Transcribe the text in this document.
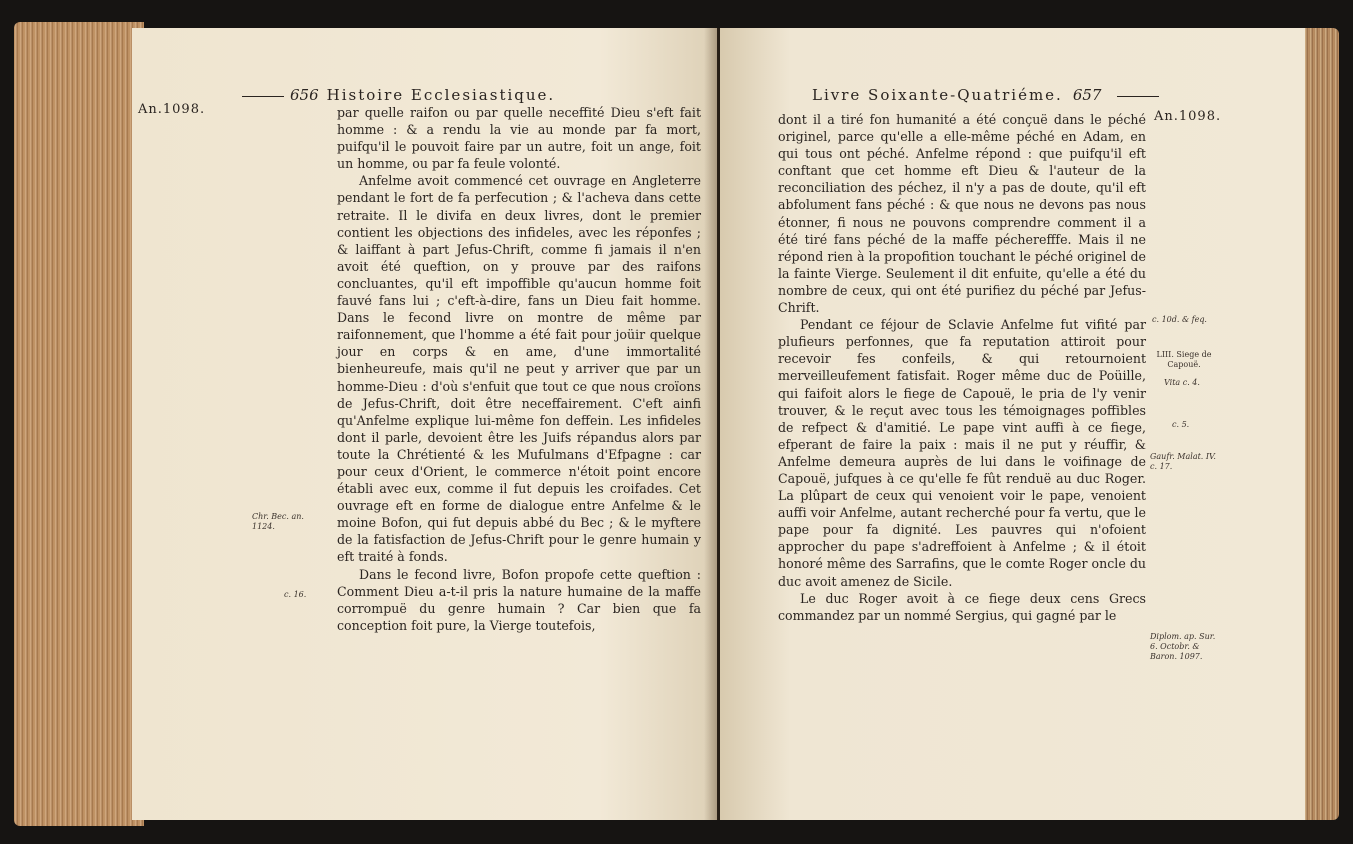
656 Histoire Ecclesiastique.
An.1098.	par quelle raifon ou par quelle neceffité Dieu s'eft fait homme : & a rendu la vie au monde par fa mort, puifqu'il le pouvoit faire par un autre, foit un ange, foit un homme, ou par fa feule volonté.

Anfelme avoit commencé cet ouvrage en Angleterre pendant le fort de fa perfecution ; & l'acheva dans cette retraite. Il le divifa en deux livres, dont le premier contient les objections des infideles, avec les réponfes ; & laiffant à part Jefus-Chrift, comme fi jamais il n'en avoit été queftion, on y prouve par des raifons concluantes, qu'il eft impoffible qu'aucun homme foit fauvé fans lui ; c'eft-à-dire, fans un Dieu fait homme. Dans le fecond livre on montre de même par raifonnement, que l'homme a été fait pour joüir quelque jour en corps & en ame, d'une immortalité bienheureufe, mais qu'il ne peut y arriver que par un homme-Dieu : d'où s'enfuit que tout ce que nous croïons de Jefus-Chrift, doit être neceffairement. C'eft ainfi qu'Anfelme explique lui-même fon deffein. Les infideles dont il parle, devoient être les Juifs répandus alors par toute la Chrétienté & les Mufulmans d'Efpagne : car pour ceux d'Orient, le commerce n'étoit point encore établi avec eux, comme il fut depuis les croifades. Cet ouvrage eft en forme de dialogue entre Anfelme & le moine Bofon, qui fut depuis abbé du Bec ; & le myftere de la fatisfaction de Jefus-Chrift pour le genre humain y eft traité à fonds.

Dans le fecond livre, Bofon propofe cette queftion : Comment Dieu a-t-il pris la nature humaine de la maffe corrompuë du genre humain ? Car bien que fa conception foit pure, la Vierge toutefois,

Chr. Bec. an. 1124.
c. 16.
Livre Soixante-Quatriéme. 657
An.1098.

dont il a tiré fon humanité a été conçuë dans le péché originel, parce qu'elle a elle-même péché en Adam, en qui tous ont péché. Anfelme répond : que puifqu'il eft conftant que cet homme eft Dieu & l'auteur de la reconciliation des péchez, il n'y a pas de doute, qu'il eft abfolument fans péché : & que nous ne devons pas nous étonner, fi nous ne pouvons comprendre comment il a été tiré fans péché de la maffe pécherefffe. Mais il ne répond rien à la propofition touchant le péché originel de la fainte Vierge. Seulement il dit enfuite, qu'elle a été du nombre de ceux, qui ont été purifiez du péché par Jefus-Chrift.

Pendant ce féjour de Sclavie Anfelme fut vifité par plufieurs perfonnes, que fa reputation attiroit pour recevoir fes confeils, & qui retournoient merveilleufement fatisfait. Roger même duc de Poüille, qui faifoit alors le fiege de Capouë, le pria de l'y venir trouver, & le reçut avec tous les témoignages poffibles de refpect & d'amitié. Le pape vint auffi à ce fiege, efperant de faire la paix : mais il ne put y réuffir, & Anfelme demeura auprès de lui dans le voifinage de Capouë, jufques à ce qu'elle fe fût renduë au duc Roger. La plûpart de ceux qui venoient voir le pape, venoient auffi voir Anfelme, autant recherché pour fa vertu, que le pape pour fa dignité. Les pauvres qui n'ofoient approcher du pape s'adreffoient à Anfelme ; & il étoit honoré même des Sarrafins, que le comte Roger oncle du duc avoit amenez de Sicile.

Le duc Roger avoit à ce fiege deux cens Grecs commandez par un nommé Sergius, qui gagné par le

c. 10d. & feq.
LIII. Siege de Capouë.
Vita c. 4.
c. 5.
Gaufr. Malat. IV. c. 17.
Diplom. ap. Sur. 6. Octobr. & Baron. 1097.
